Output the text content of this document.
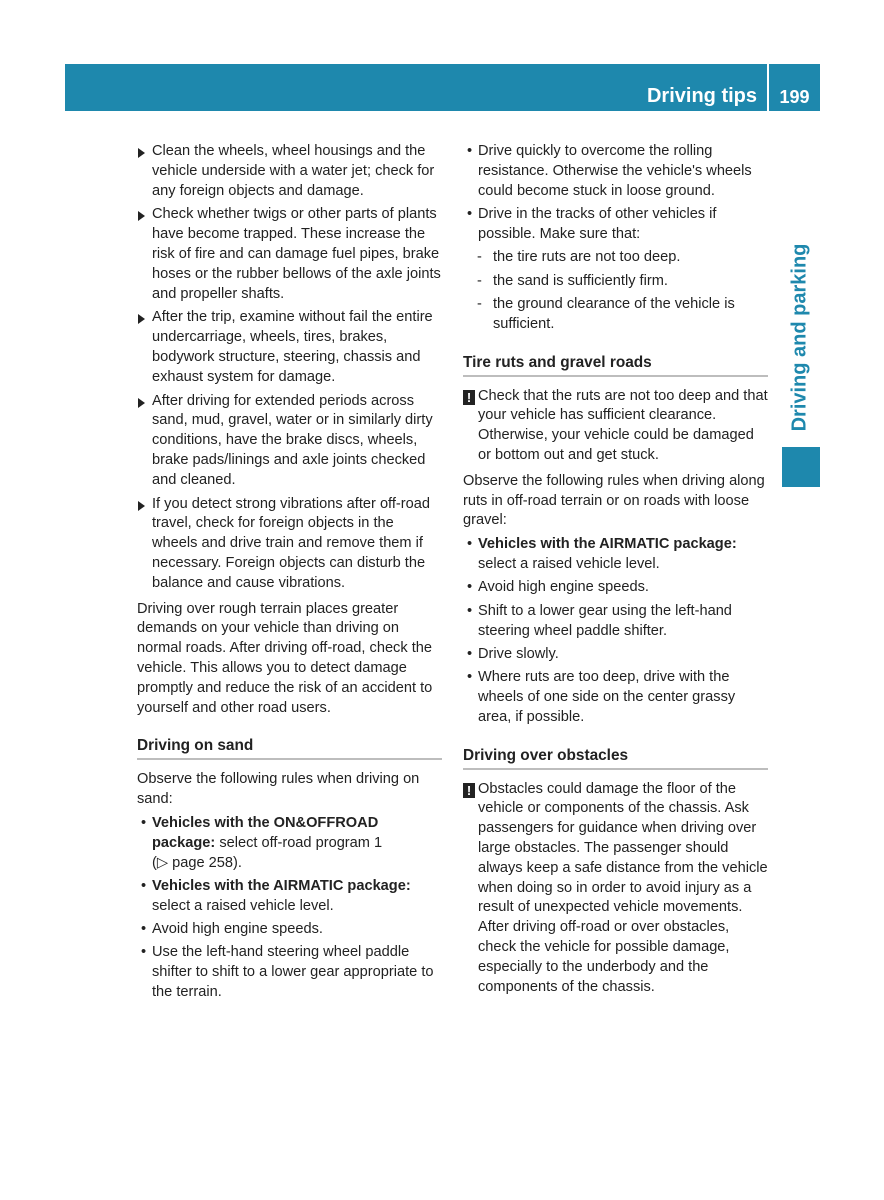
Driving tips	199
Driving and parking
Clean the wheels, wheel housings and the vehicle underside with a water jet; check for any foreign objects and damage.
Check whether twigs or other parts of plants have become trapped. These increase the risk of fire and can damage fuel pipes, brake hoses or the rubber bellows of the axle joints and propeller shafts.
After the trip, examine without fail the entire undercarriage, wheels, tires, brakes, bodywork structure, steering, chassis and exhaust system for damage.
After driving for extended periods across sand, mud, gravel, water or in similarly dirty conditions, have the brake discs, wheels, brake pads/linings and axle joints checked and cleaned.
If you detect strong vibrations after off-road travel, check for foreign objects in the wheels and drive train and remove them if necessary. Foreign objects can disturb the balance and cause vibrations.

Driving over rough terrain places greater demands on your vehicle than driving on normal roads. After driving off-road, check the vehicle. This allows you to detect damage promptly and reduce the risk of an accident to yourself and other road users.

Driving on sand

Observe the following rules when driving on sand:

• Vehicles with the ON&OFFROAD package: select off-road program 1
(▷ page 258).
• Vehicles with the AIRMATIC package: select a raised vehicle level.
• Avoid high engine speeds.
• Use the left-hand steering wheel paddle shifter to shift to a lower gear appropriate to the terrain.
• Drive quickly to overcome the rolling resistance. Otherwise the vehicle's wheels could become stuck in loose ground.
• Drive in the tracks of other vehicles if possible. Make sure that:
- the tire ruts are not too deep.
- the sand is sufficiently firm.
- the ground clearance of the vehicle is sufficient.
Tire ruts and gravel roads
! Check that the ruts are not too deep and that your vehicle has sufficient clearance. Otherwise, your vehicle could be damaged or bottom out and get stuck.

Observe the following rules when driving along ruts in off-road terrain or on roads with loose gravel:

• Vehicles with the AIRMATIC package: select a raised vehicle level.
• Avoid high engine speeds.
• Shift to a lower gear using the left-hand steering wheel paddle shifter.
• Drive slowly.
• Where ruts are too deep, drive with the wheels of one side on the center grassy area, if possible.
Driving over obstacles
! Obstacles could damage the floor of the vehicle or components of the chassis. Ask passengers for guidance when driving over large obstacles. The passenger should always keep a safe distance from the vehicle when doing so in order to avoid injury as a result of unexpected vehicle movements. After driving off-road or over obstacles, check the vehicle for possible damage, especially to the underbody and the components of the chassis.
